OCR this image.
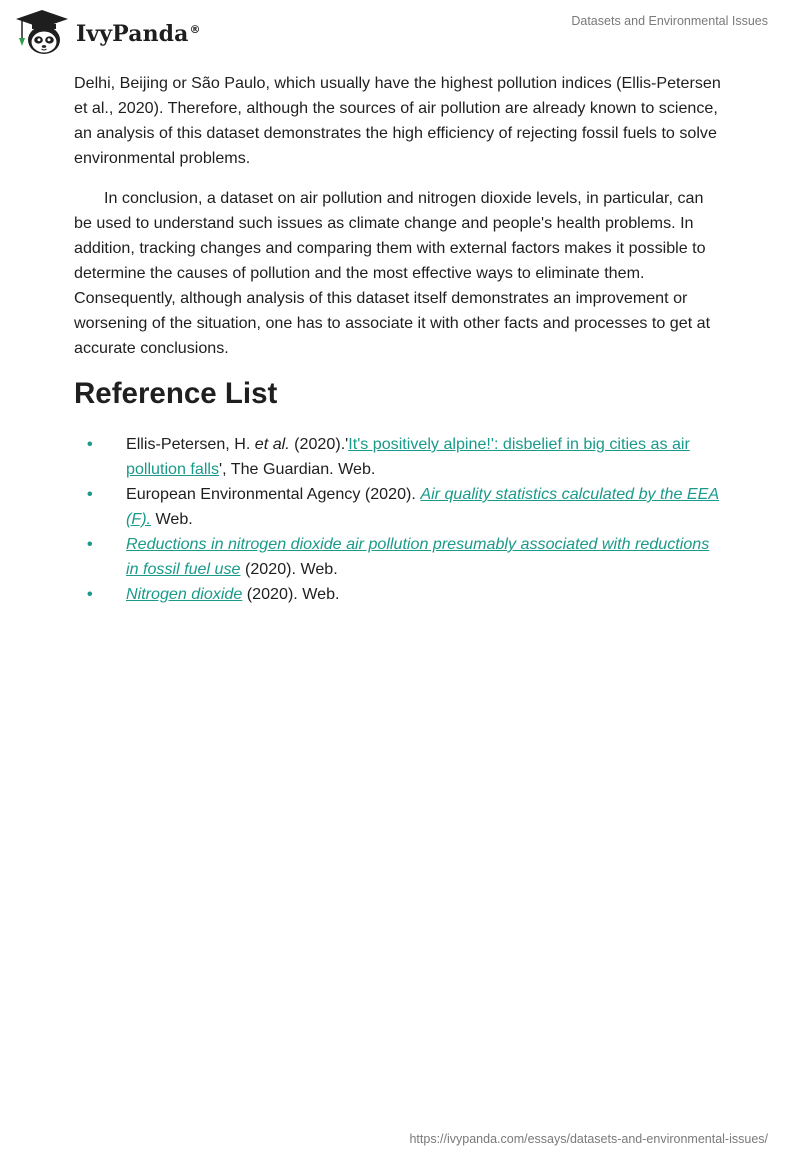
IvyPanda®
Datasets and Environmental Issues

Delhi, Beijing or São Paulo, which usually have the highest pollution indices (Ellis-Petersen et al., 2020). Therefore, although the sources of air pollution are already known to science, an analysis of this dataset demonstrates the high efficiency of rejecting fossil fuels to solve environmental problems.

In conclusion, a dataset on air pollution and nitrogen dioxide levels, in particular, can be used to understand such issues as climate change and people's health problems. In addition, tracking changes and comparing them with external factors makes it possible to determine the causes of pollution and the most effective ways to eliminate them. Consequently, although analysis of this dataset itself demonstrates an improvement or worsening of the situation, one has to associate it with other facts and processes to get at accurate conclusions.

Reference List
• Ellis-Petersen, H. et al. (2020).'It's positively alpine!': disbelief in big cities as air pollution falls', The Guardian. Web.
• European Environmental Agency (2020). Air quality statistics calculated by the EEA (F). Web.
• Reductions in nitrogen dioxide air pollution presumably associated with reductions in fossil fuel use (2020). Web.
• Nitrogen dioxide (2020). Web.
https://ivypanda.com/essays/datasets-and-environmental-issues/
